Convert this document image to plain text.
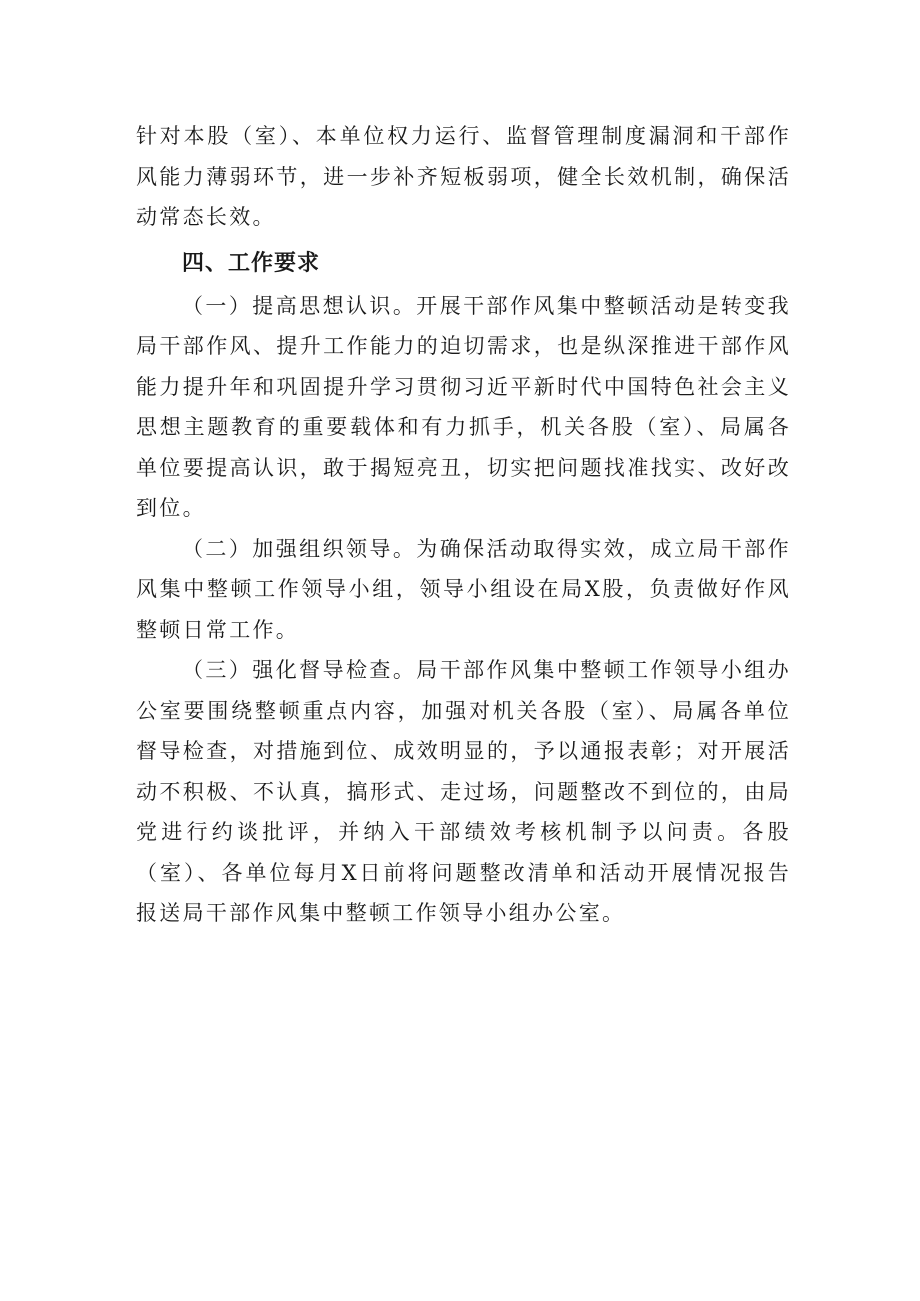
针对本股（室）、本单位权力运行、监督管理制度漏洞和干部作风能力薄弱环节，进一步补齐短板弱项，健全长效机制，确保活动常态长效。

四、工作要求

（一）提高思想认识。开展干部作风集中整顿活动是转变我局干部作风、提升工作能力的迫切需求，也是纵深推进干部作风能力提升年和巩固提升学习贯彻习近平新时代中国特色社会主义思想主题教育的重要载体和有力抓手，机关各股（室）、局属各单位要提高认识，敢于揭短亮丑，切实把问题找准找实、改好改到位。

（二）加强组织领导。为确保活动取得实效，成立局干部作风集中整顿工作领导小组，领导小组设在局X股，负责做好作风整顿日常工作。

（三）强化督导检查。局干部作风集中整顿工作领导小组办公室要围绕整顿重点内容，加强对机关各股（室）、局属各单位督导检查，对措施到位、成效明显的，予以通报表彰；对开展活动不积极、不认真，搞形式、走过场，问题整改不到位的，由局党进行约谈批评，并纳入干部绩效考核机制予以问责。各股（室）、各单位每月X日前将问题整改清单和活动开展情况报告报送局干部作风集中整顿工作领导小组办公室。
